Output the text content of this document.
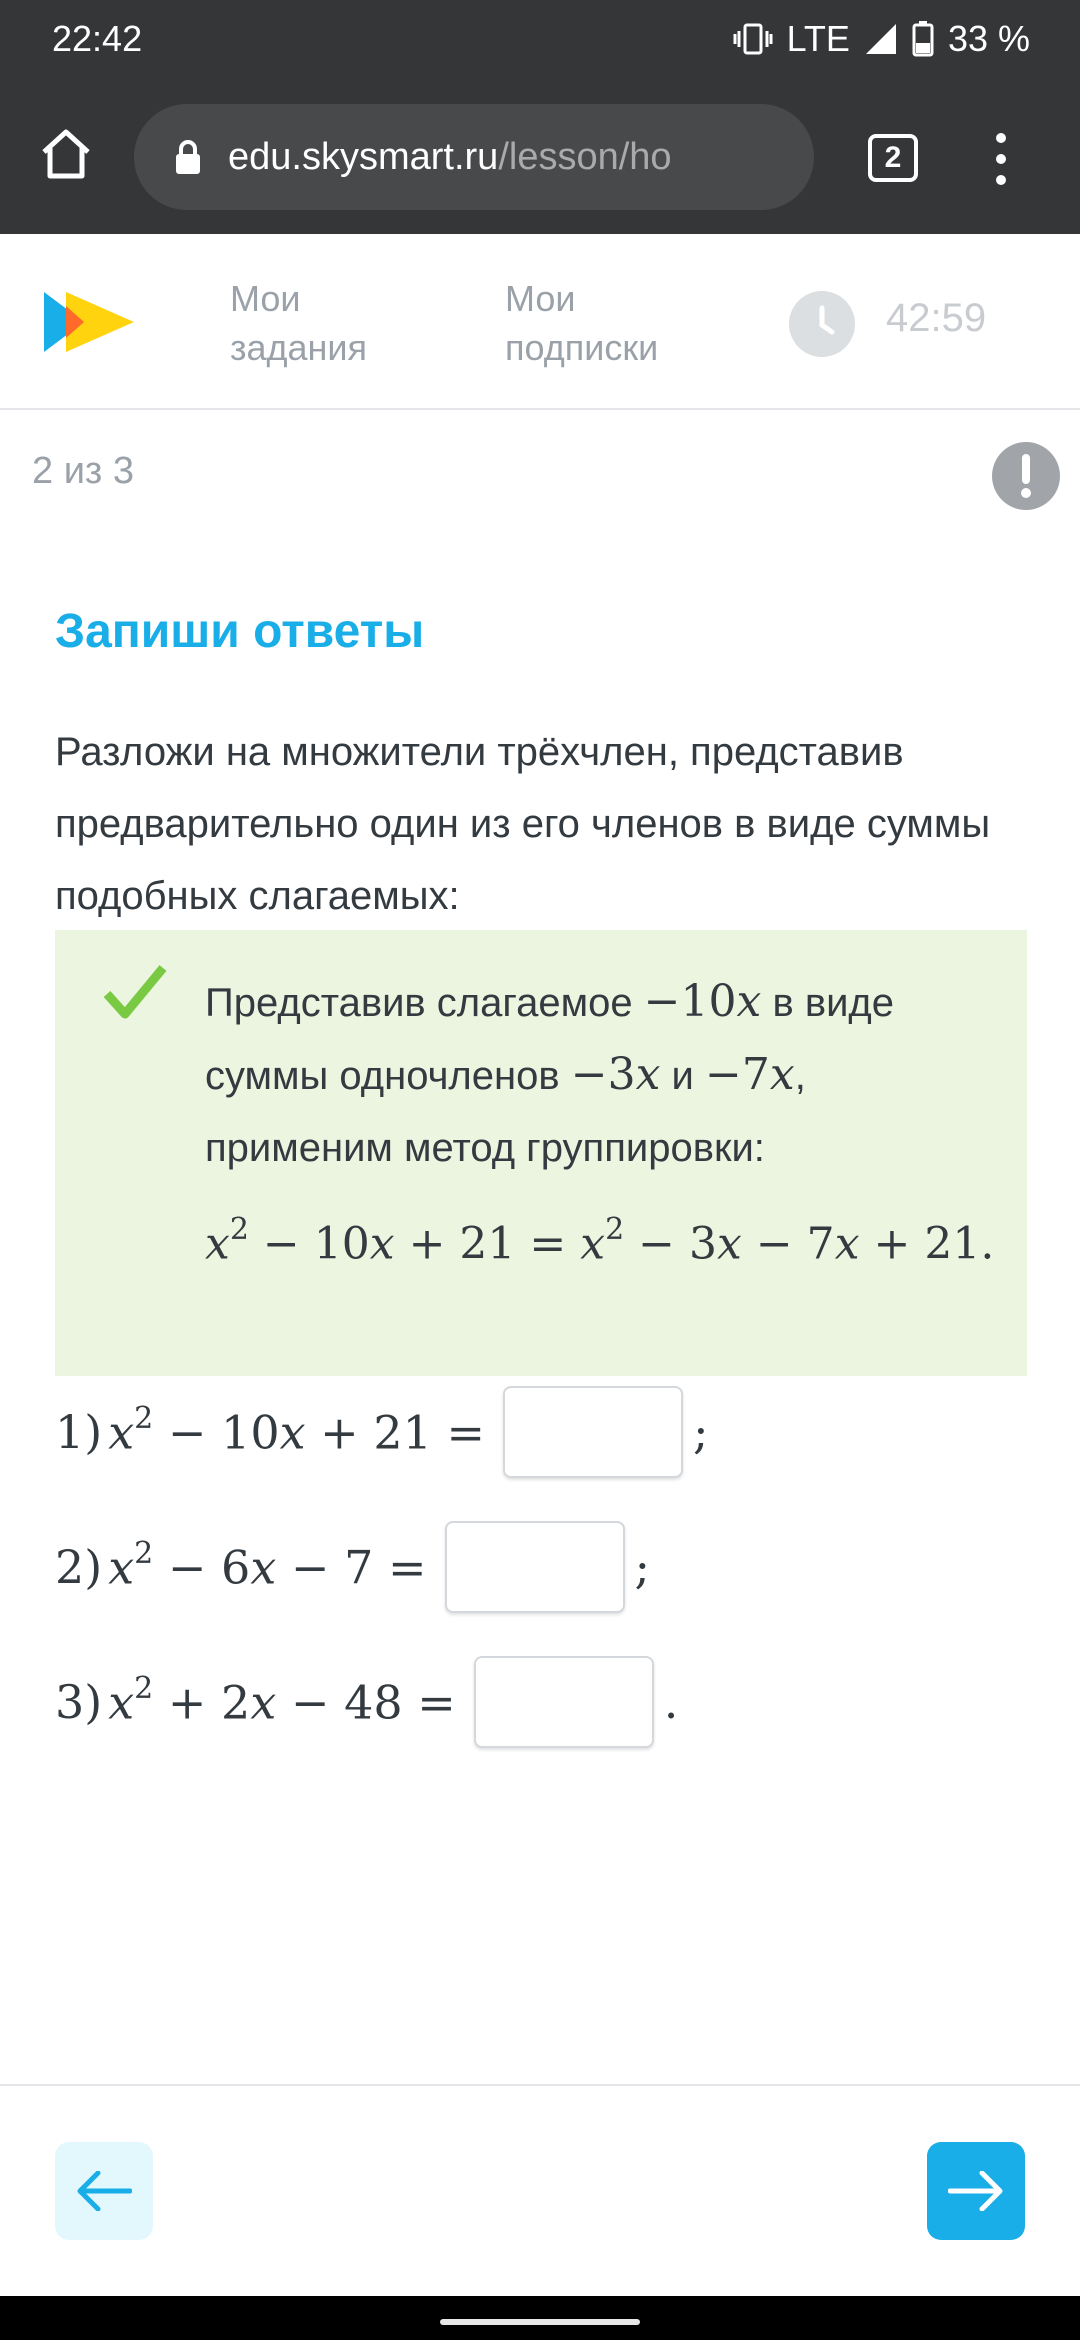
22:42	LTE	33 %
edu.skysmart.ru /lesson/ho	2
Мои задания
Мои подписки
42:59
2 из 3
Запиши ответы
Разложи на множители трёхчлен, представив предварительно один из его членов в виде суммы подобных слагаемых:
Представив слагаемое −10x в виде суммы одночленов −3x и −7x, применим метод группировки:
$x^2 - 10x + 21 = x^2 - 3x - 7x + 21$.
1) $x^2 - 10x + 21$ =	;
2) $x^2 - 6x - 7$ =	;
3) $x^2 + 2x - 48$ =	.
